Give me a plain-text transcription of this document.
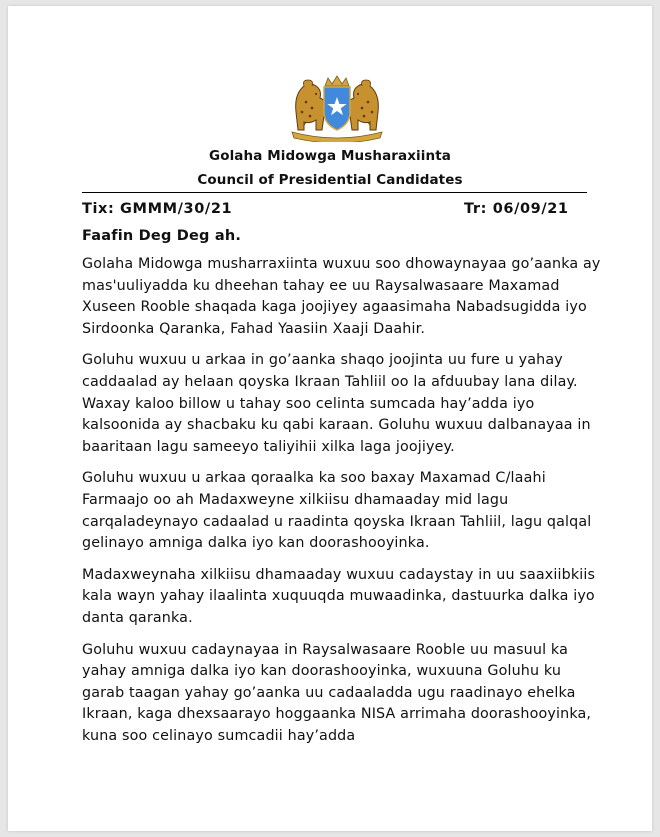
Golaha Midowga Musharaxiinta
Council of Presidential Candidates
Tix: GMMM/30/21	Tr: 06/09/21
Faafin Deg Deg ah.

Golaha Midowga musharraxiinta wuxuu soo dhowaynayaa go’aanka ay mas'uuliyadda ku dheehan tahay ee uu Raysalwasaare Maxamad Xuseen Rooble shaqada kaga joojiyey agaasimaha Nabadsugidda iyo Sirdoonka Qaranka, Fahad Yaasiin Xaaji Daahir.

Goluhu wuxuu u arkaa in go’aanka shaqo joojinta uu fure u yahay caddaalad ay helaan qoyska Ikraan Tahliil oo la afduubay lana dilay. Waxay kaloo billow u tahay soo celinta sumcada hay’adda iyo kalsoonida ay shacbaku ku qabi karaan. Goluhu wuxuu dalbanayaa in baaritaan lagu sameeyo taliyihii xilka laga joojiyey.

Goluhu wuxuu u arkaa qoraalka ka soo baxay Maxamad C/laahi Farmaajo oo ah Madaxweyne xilkiisu dhamaaday mid lagu carqaladeynayo cadaalad u raadinta qoyska Ikraan Tahliil, lagu qalqal gelinayo amniga dalka iyo kan doorashooyinka.

Madaxweynaha xilkiisu dhamaaday wuxuu cadaystay in uu saaxiibkiis kala wayn yahay ilaalinta xuquuqda muwaadinka, dastuurka dalka iyo danta qaranka.

Goluhu wuxuu cadaynayaa in Raysalwasaare Rooble uu masuul ka yahay amniga dalka iyo kan doorashooyinka, wuxuuna Goluhu ku garab taagan yahay go’aanka uu cadaaladda ugu raadinayo ehelka Ikraan, kaga dhexsaarayo hoggaanka NISA arrimaha doorashooyinka, kuna soo celinayo sumcadii hay’adda
